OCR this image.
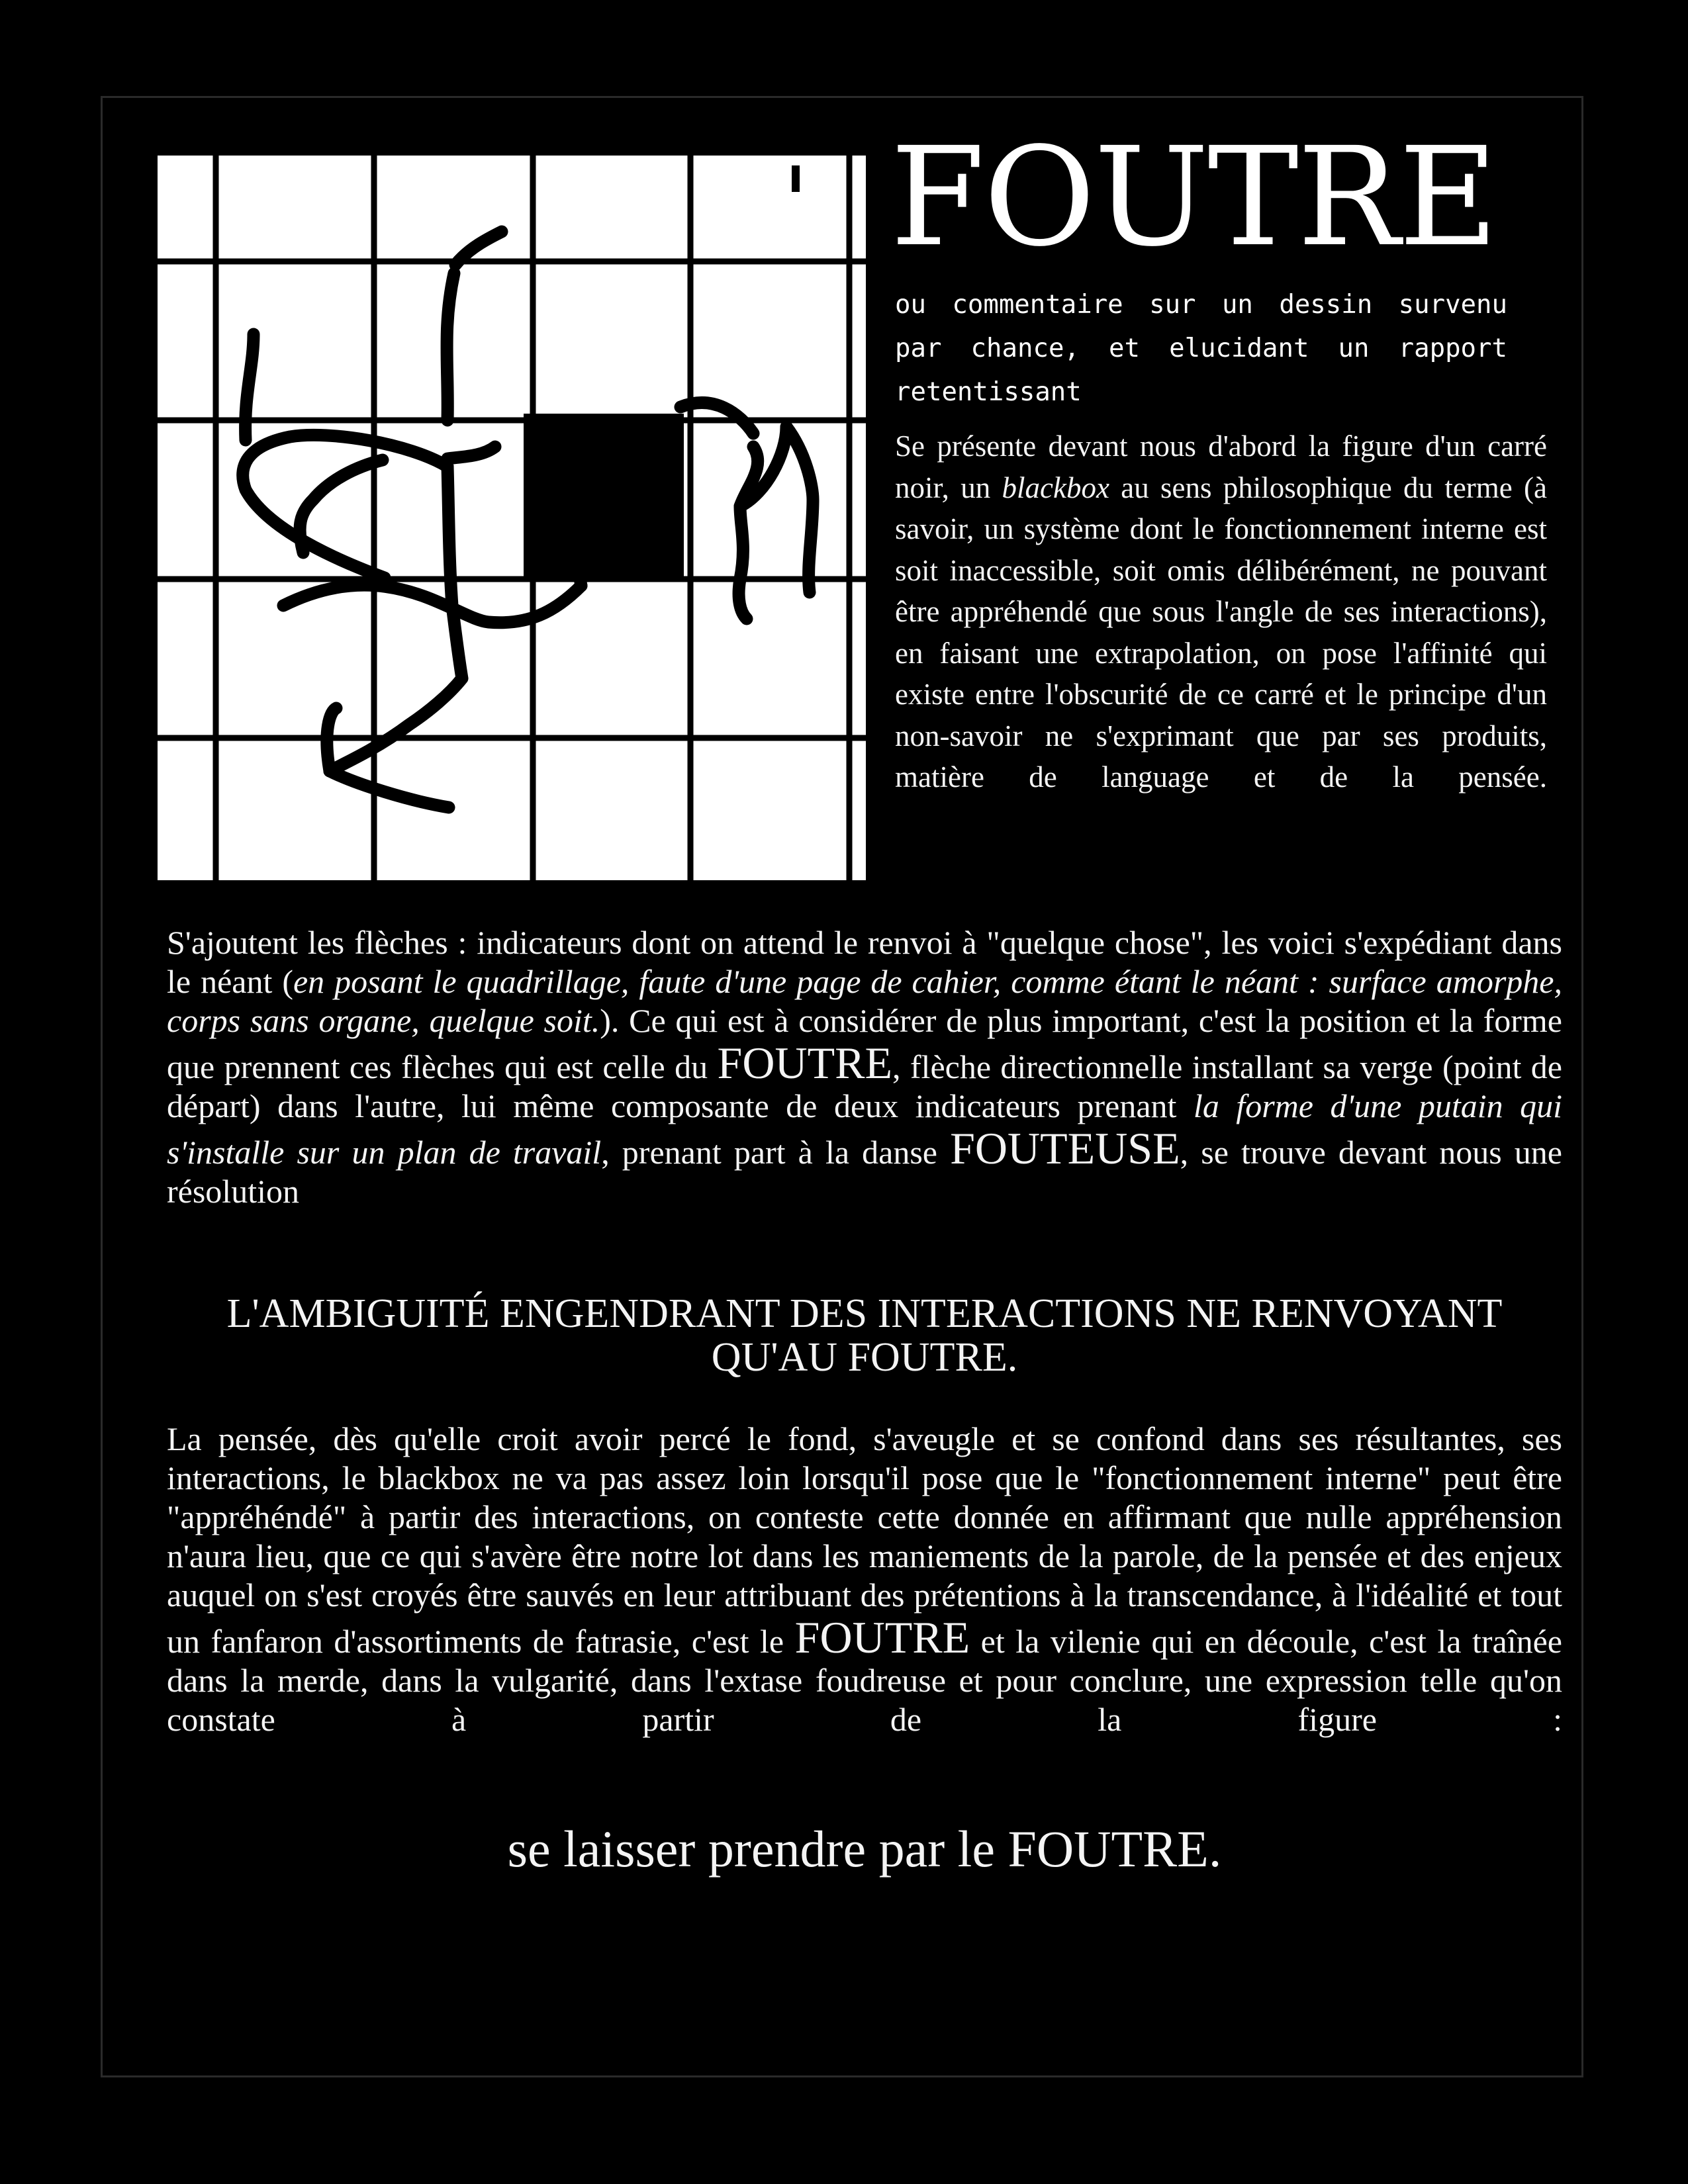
FOUTRE

ou commentaire sur un dessin survenu par chance, et elucidant un rapport retentissant

Se présente devant nous d'abord la figure d'un carré noir, un blackbox au sens philosophique du terme (à savoir, un système dont le fonctionnement interne est soit inaccessible, soit omis délibérément, ne pouvant être appréhendé que sous l'angle de ses interactions), en faisant une extrapolation, on pose l'affinité qui existe entre l'obscurité de ce carré et le principe d'un non-savoir ne s'exprimant que par ses produits, matière de language et de la pensée.

S'ajoutent les flèches : indicateurs dont on attend le renvoi à "quelque chose", les voici s'expédiant dans le néant (en posant le quadrillage, faute d'une page de cahier, comme étant le néant : surface amorphe, corps sans organe, quelque soit.). Ce qui est à considérer de plus important, c'est la position et la forme que prennent ces flèches qui est celle du FOUTRE, flèche directionnelle installant sa verge (point de départ) dans l'autre, lui même composante de deux indicateurs prenant la forme d'une putain qui s'installe sur un plan de travail, prenant part à la danse FOUTEUSE, se trouve devant nous une résolution

L'AMBIGUITÉ ENGENDRANT DES INTERACTIONS NE RENVOYANT QU'AU FOUTRE.

La pensée, dès qu'elle croit avoir percé le fond, s'aveugle et se confond dans ses résultantes, ses interactions, le blackbox ne va pas assez loin lorsqu'il pose que le "fonctionnement interne" peut être "appréhéndé" à partir des interactions, on conteste cette donnée en affirmant que nulle appréhension n'aura lieu, que ce qui s'avère être notre lot dans les maniements de la parole, de la pensée et des enjeux auquel on s'est croyés être sauvés en leur attribuant des prétentions à la transcendance, à l'idéalité et tout un fanfaron d'assortiments de fatrasie, c'est le FOUTRE et la vilenie qui en découle, c'est la traînée dans la merde, dans la vulgarité, dans l'extase foudreuse et pour conclure, une expression telle qu'on constate à partir de la figure :

se laisser prendre par le FOUTRE.
